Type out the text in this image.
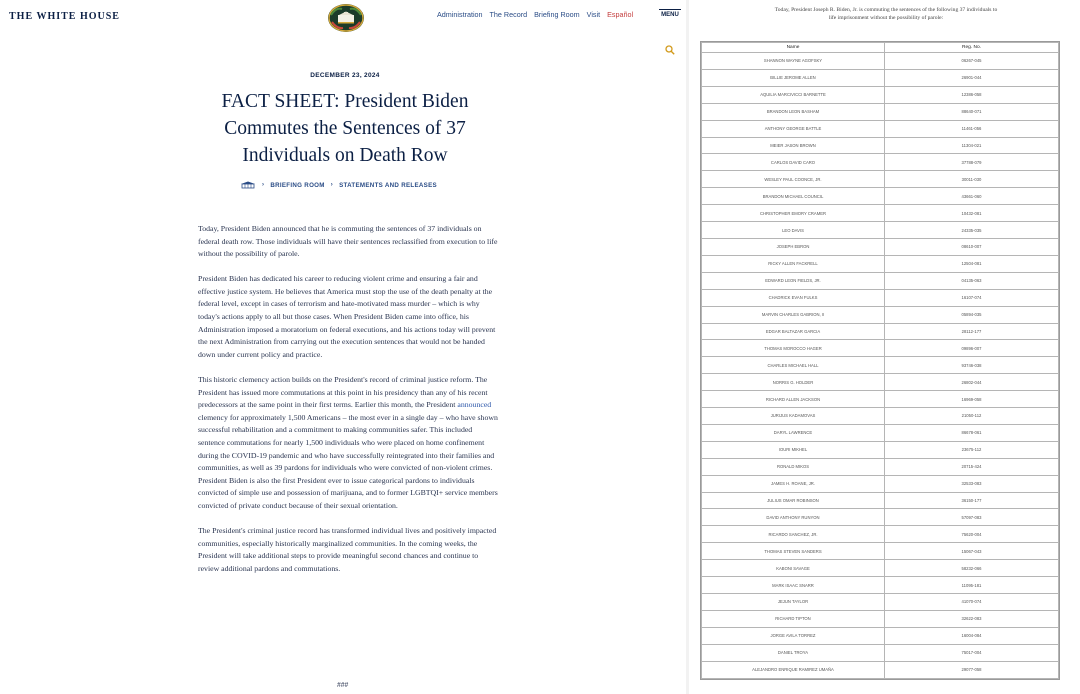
THE WHITE HOUSE	Administration The Record Briefing Room Visit Español	MENU
DECEMBER 23, 2024
FACT SHEET: President Biden
Commutes the Sentences of 37
Individuals on Death Row
› BRIEFING ROOM › STATEMENTS AND RELEASES

Today, President Biden announced that he is commuting the sentences of 37 individuals on federal death row. Those individuals will have their sentences reclassified from execution to life without the possibility of parole.

President Biden has dedicated his career to reducing violent crime and ensuring a fair and effective justice system. He believes that America must stop the use of the death penalty at the federal level, except in cases of terrorism and hate-motivated mass murder – which is why today's actions apply to all but those cases. When President Biden came into office, his Administration imposed a moratorium on federal executions, and his actions today will prevent the next Administration from carrying out the execution sentences that would not be handed down under current policy and practice.

This historic clemency action builds on the President's record of criminal justice reform. The President has issued more commutations at this point in his presidency than any of his recent predecessors at the same point in their first terms. Earlier this month, the President announced clemency for approximately 1,500 Americans – the most ever in a single day – who have shown successful rehabilitation and a commitment to making communities safer. This included sentence commutations for nearly 1,500 individuals who were placed on home confinement during the COVID-19 pandemic and who have successfully reintegrated into their families and communities, as well as 39 pardons for individuals who were convicted of non-violent crimes. President Biden is also the first President ever to issue categorical pardons to individuals convicted of simple use and possession of marijuana, and to former LGBTQI+ service members convicted of private conduct because of their sexual orientation.

The President's criminal justice record has transformed individual lives and positively impacted communities, especially historically marginalized communities. In the coming weeks, the President will take additional steps to provide meaningful second chances and continue to review additional pardons and commutations.

###
Today, President Joseph R. Biden, Jr. is commuting the sentences of the following 37 individuals to life imprisonment without the possibility of parole:
Name	Reg. No.
SHANNON WAYNE AGOFSKY	06267-045
BILLIE JEROME ALLEN	26901-044
AQUILIA MARCIVICCI BARNETTE	12386-058
BRANDON LEON BASHAM	88640-071
ANTHONY GEORGE BATTLE	11461-056
MEIER JASON BROWN	11304-021
CARLOS DAVID CARO	37788-079
WESLEY PAUL COONCE, JR.	30011-030
BRANDON MICHAEL COUNCIL	43661-060
CHRISTOPHER EMORY CRAMER	10432-081
LEO DAVIS	24335-035
JOSEPH EBRON	08610-007
RICKY ALLEN FACKRELL	12504-081
EDWARD LEON FIELDS, JR.	04135-063
CHADRICK EVAN FULKS	16107-074
MARVIN CHARLES GABRION, II	05894-035
EDGAR BALTAZAR GARCIA	28112-177
THOMAS MOROCCO HAGER	09896-007
CHARLES MICHAEL HALL	93746-038
NORRIS G. HOLDER	26802-044
RICHARD ALLEN JACKSON	16969-058
JURIJUS KADAMOVAS	21050-112
DARYL LAWRENCE	86678-061
IOURI MIKHEL	23675-112
RONALD MIKOS	20715-424
JAMES H. ROANE, JR.	32533-083
JULIUS OMAR ROBINSON	36150-177
DAVID ANTHONY RUNYON	57097-083
RICARDO SANCHEZ, JR.	75620-004
THOMAS STEVEN SANDERS	15067-043
KABONI SAVAGE	58232-066
MARK ISAAC SNARR	11095-181
JEJUN TAYLOR	41070-074
RICHARD TIPTON	32622-083
JORGE AVILA TORREZ	16004-084
DANIEL TROYA	75017-004
ALEJANDRO ENRIQUE RAMIREZ UMAÑA	29077-058
